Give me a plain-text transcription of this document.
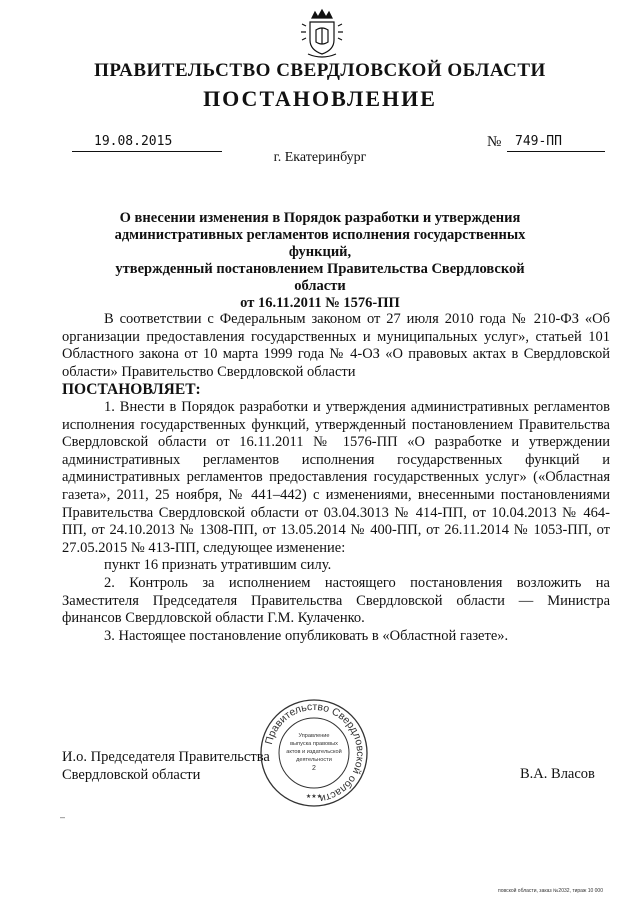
ПРАВИТЕЛЬСТВО СВЕРДЛОВСКОЙ ОБЛАСТИ
ПОСТАНОВЛЕНИЕ
19.08.2015	№	749-ПП
г. Екатеринбург
О внесении изменения в Порядок разработки и утверждения
административных регламентов исполнения государственных функций,
утвержденный постановлением Правительства Свердловской области
от 16.11.2011 № 1576-ПП

В соответствии с Федеральным законом от 27 июля 2010 года № 210-ФЗ «Об организации предоставления государственных и муниципальных услуг», статьей 101 Областного закона от 10 марта 1999 года № 4-ОЗ «О правовых актах в Свердловской области» Правительство Свердловской области

ПОСТАНОВЛЯЕТ:

1. Внести в Порядок разработки и утверждения административных регламентов исполнения государственных функций, утвержденный постановлением Правительства Свердловской области от 16.11.2011 № 1576-ПП «О разработке и утверждении административных регламентов исполнения государственных функций и административных регламентов предоставления государственных услуг» («Областная газета», 2011, 25 ноября, № 441–442) с изменениями, внесенными постановлениями Правительства Свердловской области от 03.04.3013 № 414-ПП, от 10.04.2013 № 464-ПП, от 24.10.2013 № 1308-ПП, от 13.05.2014 № 400-ПП, от 26.11.2014 № 1053-ПП, от 27.05.2015 № 413-ПП, следующее изменение:

пункт 16 признать утратившим силу.

2. Контроль за исполнением настоящего постановления возложить на Заместителя Председателя Правительства Свердловской области — Министра финансов Свердловской области Г.М. Кулаченко.

3. Настоящее постановление опубликовать в «Областной газете».

И.о. Председателя Правительства
Свердловской области	В.А. Власов
Правительство Свердловской области
Управление
выпуска правовых
актов и издательской
деятельности
2
★★★
–
повской области, заказ №2032, тираж 10 000
